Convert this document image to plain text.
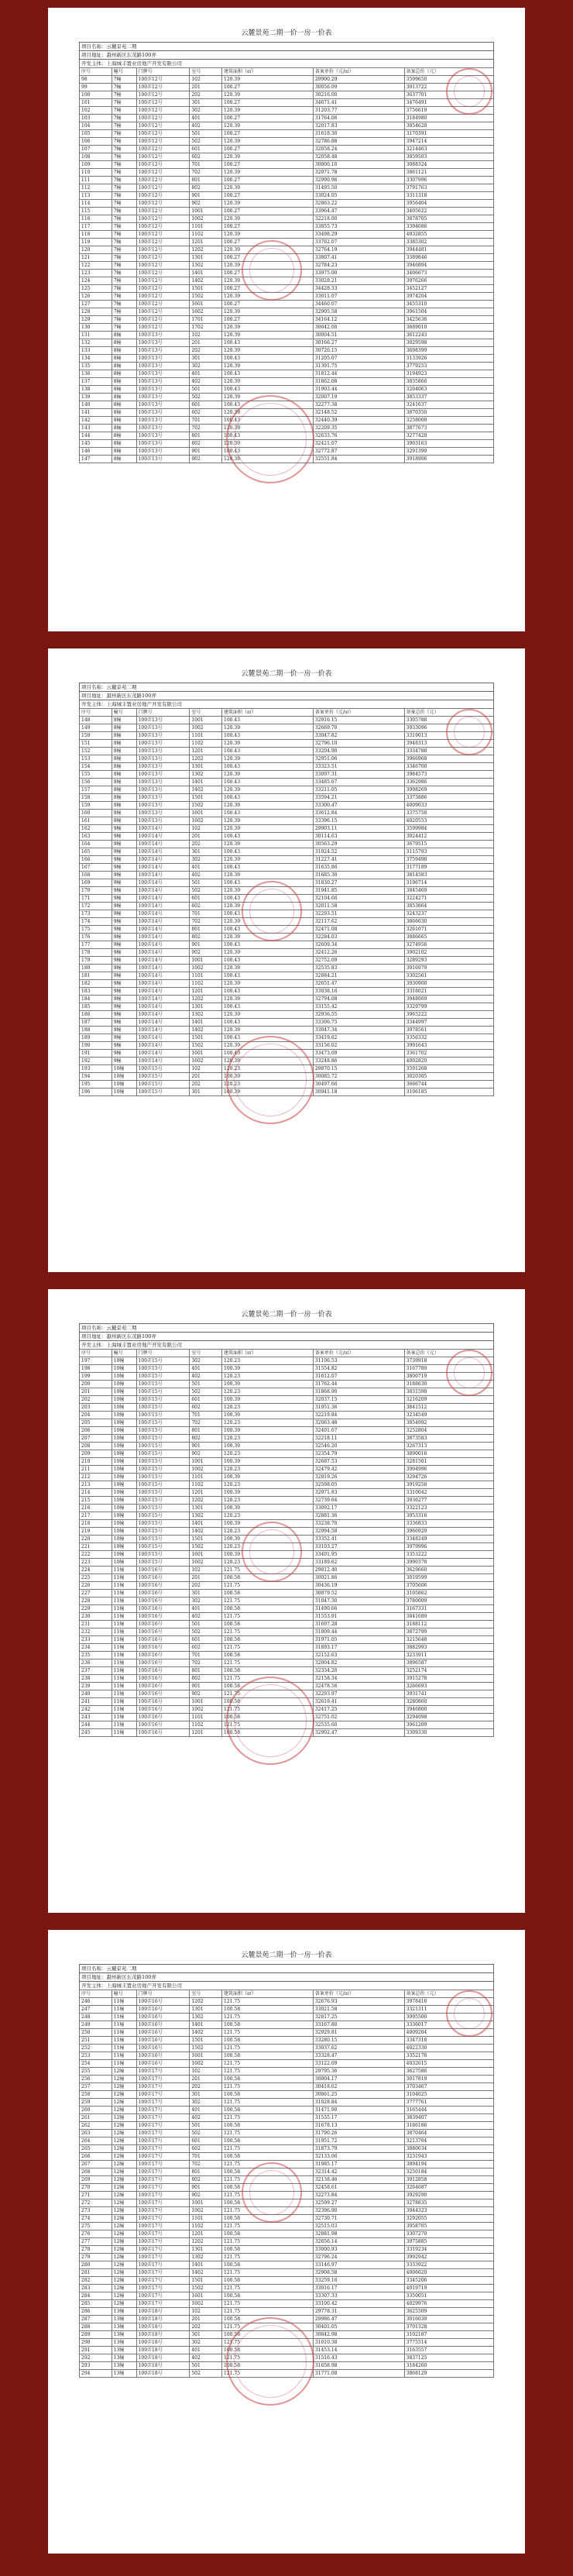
云麓景苑二期一价一房一价表
项目名称：云麓景苑二期
项目地址：越州新区东茂路100弄
开发主体：上海城丰置业房地产开发有限公司
序号	幢号	门牌号	室号	建筑面积（㎡）	备案单价（元/㎡）	备案总价（元）
98	7幢	100弄12号	102	120.39	29900.29	3599650
99	7幢	100弄12号	201	100.27	30056.09	3013722
100	7幢	100弄12号	202	120.39	30216.00	3637701
101	7幢	100弄12号	301	100.27	34671.41	3476491
102	7幢	100弄12号	302	120.39	31203.77	3756619
103	7幢	100弄12号	401	100.27	31764.06	3184980
104	7幢	100弄12号	402	120.39	32017.83	3854628
105	7幢	100弄12号	501	100.27	31618.30	3170391
106	7幢	100弄12号	502	120.39	32786.88	3947214
107	7幢	100弄12号	601	100.27	32058.24	3214463
108	7幢	100弄12号	602	120.39	32058.48	3859503
109	7幢	100弄12号	701	100.27	30800.10	3088324
110	7幢	100弄12号	702	120.39	32071.78	3861121
111	7幢	100弄12号	801	100.27	32990.96	3307996
112	7幢	100弄12号	802	120.39	31495.50	3791763
113	7幢	100弄12号	901	100.27	33024.05	3311318
114	7幢	100弄12号	902	120.39	32863.22	3956404
115	7幢	100弄12号	1001	100.27	33964.47	3405622
116	7幢	100弄12号	1002	120.39	32218.00	3878705
117	7幢	100弄12号	1101	100.27	33855.73	3394686
118	7幢	100弄12号	1102	120.39	33498.29	4032855
119	7幢	100弄12号	1201	100.27	33762.07	3385302
120	7幢	100弄12号	1202	120.39	32764.19	3944481
121	7幢	100弄12号	1301	100.27	33807.41	3389846
122	7幢	100弄12号	1302	120.39	32784.23	3946894
123	7幢	100弄12号	1401	100.27	33975.00	3406673
124	7幢	100弄12号	1402	120.39	33028.21	3976266
125	7幢	100弄12号	1501	100.27	34428.33	3452127
126	7幢	100弄12号	1502	120.39	33011.07	3974204
127	7幢	100弄12号	1601	100.27	34460.07	3455310
128	7幢	100弄12号	1602	120.39	32905.58	3961504
129	7幢	100弄12号	1701	100.27	34164.12	3425636
130	7幢	100弄12号	1702	120.39	30642.00	3689010
131	8幢	100弄13号	102	120.39	30004.51	3612243
132	8幢	100弄13号	201	100.43	30166.27	3029598
133	8幢	100弄13号	202	120.39	30720.15	3698399
134	8幢	100弄13号	301	100.43	31205.07	3133926
135	8幢	100弄13号	302	120.39	31391.75	3779253
136	8幢	100弄13号	401	100.43	31812.44	3194923
137	8幢	100弄13号	402	120.39	31862.08	3835866
138	8幢	100弄13号	501	100.43	31903.44	3204063
139	8幢	100弄13号	502	120.39	32007.19	3853337
140	8幢	100弄13号	601	100.43	32277.38	3241637
141	8幢	100弄13号	602	120.39	32148.52	3870350
142	8幢	100弄13号	701	100.43	32440.39	3258008
143	8幢	100弄13号	702	120.39	32209.35	3877673
144	8幢	100弄13号	801	100.43	32633.76	3277428
145	8幢	100弄13号	802	120.39	32421.07	3903163
146	8幢	100弄13号	901	100.43	32772.87	3291399
147	8幢	100弄13号	902	120.39	32551.84	3918906
云麓景苑二期一价一房一价表
项目名称：云麓景苑二期
项目地址：越州新区东茂路100弄
开发主体：上海城丰置业房地产开发有限公司
序号	幢号	门牌号	室号	建筑面积（㎡）	备案单价（元/㎡）	备案总价（元）
148	8幢	100弄13号	1001	100.43	32916.15	3305788
149	8幢	100弄13号	1002	120.39	32669.70	3933096
150	8幢	100弄13号	1101	100.43	33047.82	3319013
151	8幢	100弄13号	1102	120.39	32796.10	3948313
152	8幢	100弄13号	1201	100.43	33204.90	3334788
153	8幢	100弄13号	1202	120.39	32951.06	3966968
154	8幢	100弄13号	1301	100.43	33323.51	3346700
155	8幢	100弄13号	1302	120.39	33097.31	3984573
156	8幢	100弄13号	1401	100.43	33485.67	3362986
157	8幢	100弄13号	1402	120.39	33211.05	3998269
158	8幢	100弄13号	1501	100.43	33594.21	3373886
159	8幢	100弄13号	1502	120.39	33300.47	4009033
160	8幢	100弄13号	1601	100.43	33612.84	3375758
161	8幢	100弄13号	1602	120.39	33396.15	4020553
162	9幢	100弄14号	102	120.39	29903.11	3599984
163	9幢	100弄14号	201	100.43	30114.63	3024412
164	9幢	100弄14号	202	120.39	30563.29	3679515
165	9幢	100弄14号	301	100.43	31024.52	3115793
166	9幢	100弄14号	302	120.39	31227.41	3759498
167	9幢	100弄14号	401	100.43	31635.86	3177189
168	9幢	100弄14号	402	120.39	31685.30	3814583
169	9幢	100弄14号	501	100.43	31830.27	3196714
170	9幢	100弄14号	502	120.39	31941.85	3845469
171	9幢	100弄14号	601	100.43	32104.66	3224271
172	9幢	100弄14号	602	120.39	32011.58	3853864
173	9幢	100弄14号	701	100.43	32293.51	3243237
174	9幢	100弄14号	702	120.39	32117.62	3866630
175	9幢	100弄14号	801	100.43	32471.08	3261071
176	9幢	100弄14号	802	120.39	32284.03	3886665
177	9幢	100弄14号	901	100.43	32609.34	3274956
178	9幢	100弄14号	902	120.39	32412.26	3902102
179	9幢	100弄14号	1001	100.43	32752.09	3289293
180	9幢	100弄14号	1002	120.39	32535.83	3916979
181	9幢	100弄14号	1101	100.43	32884.21	3302561
182	9幢	100弄14号	1102	120.39	32651.47	3930900
183	9幢	100弄14号	1201	100.43	33038.16	3318021
184	9幢	100弄14号	1202	120.39	32794.08	3948069
185	9幢	100弄14号	1301	100.43	33155.42	3329799
186	9幢	100弄14号	1302	120.39	32936.55	3965222
187	9幢	100弄14号	1401	100.43	33306.75	3344997
188	9幢	100弄14号	1402	120.39	33047.34	3978561
189	9幢	100弄14号	1501	100.43	33419.62	3356332
190	9幢	100弄14号	1502	120.39	33156.02	3991643
191	9幢	100弄14号	1601	100.43	33473.09	3361702
192	9幢	100弄14号	1602	120.39	33248.86	4002820
193	10幢	100弄15号	102	120.23	29870.15	3591268
194	10幢	100弄15号	201	100.39	30085.72	3020305
195	10幢	100弄15号	202	120.23	30497.66	3666744
196	10幢	100弄15号	301	100.39	30941.18	3106185
云麓景苑二期一价一房一价表
项目名称：云麓景苑二期
项目地址：越州新区东茂路100弄
开发主体：上海城丰置业房地产开发有限公司
序号	幢号	门牌号	室号	建筑面积（㎡）	备案单价（元/㎡）	备案总价（元）
197	10幢	100弄15号	302	120.23	31106.53	3739918
198	10幢	100弄15号	401	100.39	31554.82	3167789
199	10幢	100弄15号	402	120.23	31612.07	3800719
200	10幢	100弄15号	501	100.39	31762.44	3188630
201	10幢	100弄15号	502	120.23	31868.90	3831598
202	10幢	100弄15号	601	100.39	32037.15	3216209
203	10幢	100弄15号	602	120.23	31951.36	3841512
204	10幢	100弄15号	701	100.39	32219.84	3234549
205	10幢	100弄15号	702	120.23	32063.48	3854992
206	10幢	100弄15号	801	100.39	32401.67	3252804
207	10幢	100弄15号	802	120.23	32218.11	3873583
208	10幢	100弄15号	901	100.39	32546.20	3267313
209	10幢	100弄15号	902	120.23	32354.79	3890016
210	10幢	100弄15号	1001	100.39	32687.53	3281501
211	10幢	100弄15号	1002	120.23	32479.42	3904996
212	10幢	100弄15号	1101	100.39	32819.26	3294726
213	10幢	100弄15号	1102	120.23	32598.05	3919258
214	10幢	100弄15号	1201	100.39	32971.83	3310042
215	10幢	100弄15号	1202	120.23	32739.64	3936277
216	10幢	100弄15号	1301	100.39	33092.17	3322123
217	10幢	100弄15号	1302	120.23	32881.36	3953316
218	10幢	100弄15号	1401	100.39	33238.70	3336833
219	10幢	100弄15号	1402	120.23	32994.58	3966929
220	10幢	100弄15号	1501	100.39	33352.41	3348249
221	10幢	100弄15号	1502	120.23	33103.27	3979996
222	10幢	100弄15号	1601	100.39	33401.95	3353222
223	10幢	100弄15号	1602	120.23	33189.62	3990378
224	11幢	100弄16号	102	121.75	29812.40	3629660
225	11幢	100弄16号	201	100.58	30021.86	3019599
226	11幢	100弄16号	202	121.75	30436.19	3705606
227	11幢	100弄16号	301	100.58	30879.52	3105862
228	11幢	100弄16号	302	121.75	31047.30	3780009
229	11幢	100弄16号	401	100.58	31490.66	3167331
230	11幢	100弄16号	402	121.75	31553.91	3841689
231	11幢	100弄16号	501	100.58	31697.28	3188112
232	11幢	100弄16号	502	121.75	31809.44	3872799
233	11幢	100弄16号	601	100.58	31971.05	3215648
234	11幢	100弄16号	602	121.75	31893.17	3882993
235	11幢	100弄16号	701	100.58	32152.63	3233911
236	11幢	100弄16号	702	121.75	32004.82	3896587
237	11幢	100弄16号	801	100.58	32334.20	3252174
238	11幢	100弄16号	802	121.75	32158.34	3915278
239	11幢	100弄16号	901	100.58	32478.56	3266693
240	11幢	100弄16号	902	121.75	32293.97	3931741
241	11幢	100弄16号	1001	100.58	32619.41	3280860
242	11幢	100弄16号	1002	121.75	32417.25	3946800
243	11幢	100弄16号	1101	100.58	32751.02	3294098
244	11幢	100弄16号	1102	121.75	32535.60	3961209
245	11幢	100弄16号	1201	100.58	32902.47	3309330
云麓景苑二期一价一房一价表
项目名称：云麓景苑二期
项目地址：越州新区东茂路100弄
开发主体：上海城丰置业房地产开发有限公司
序号	幢号	门牌号	室号	建筑面积（㎡）	备案单价（元/㎡）	备案总价（元）
246	11幢	100弄16号	1202	121.75	32676.93	3978416
247	11幢	100弄16号	1301	100.58	33021.58	3321311
248	11幢	100弄16号	1302	121.75	32817.25	3995500
249	11幢	100弄16号	1401	100.58	33167.80	3336017
250	11幢	100弄16号	1402	121.75	32929.81	4009204
251	11幢	100弄16号	1501	100.58	33280.15	3347318
252	11幢	100弄16号	1502	121.75	33037.62	4022330
253	11幢	100弄16号	1601	100.58	33328.47	3352178
254	11幢	100弄16号	1602	121.75	33122.09	4032615
255	12幢	100弄17号	102	121.75	29795.36	3627586
256	12幢	100弄17号	201	100.58	30004.17	3017819
257	12幢	100弄17号	202	121.75	30418.62	3703467
258	12幢	100弄17号	301	100.58	30861.25	3104025
259	12幢	100弄17号	302	121.75	31028.84	3777761
260	12幢	100弄17号	401	100.58	31471.90	3165444
261	12幢	100弄17号	402	121.75	31535.17	3839407
262	12幢	100弄17号	501	100.58	31678.13	3186186
263	12幢	100弄17号	502	121.75	31790.26	3870464
264	12幢	100弄17号	601	100.58	31951.72	3213704
265	12幢	100弄17号	602	121.75	31873.79	3880634
266	12幢	100弄17号	701	100.58	32133.06	3231943
267	12幢	100弄17号	702	121.75	31985.17	3894194
268	12幢	100弄17号	801	100.58	32314.42	3250184
269	12幢	100弄17号	802	121.75	32138.46	3912858
270	12幢	100弄17号	901	100.58	32458.61	3264687
271	12幢	100弄17号	902	121.75	32273.84	3929290
272	12幢	100弄17号	1001	100.58	32599.27	3278835
273	12幢	100弄17号	1002	121.75	32396.90	3944323
274	12幢	100弄17号	1101	100.58	32730.71	3292055
275	12幢	100弄17号	1102	121.75	32515.03	3958705
276	12幢	100弄17号	1201	100.58	32881.98	3307270
277	12幢	100弄17号	1202	121.75	32656.14	3975885
278	12幢	100弄17号	1301	100.58	33000.93	3319234
279	12幢	100弄17号	1302	121.75	32796.24	3992942
280	12幢	100弄17号	1401	100.58	33146.97	3333922
281	12幢	100弄17号	1402	121.75	32908.58	4006620
282	12幢	100弄17号	1501	100.58	33259.16	3345206
283	12幢	100弄17号	1502	121.75	33016.17	4019719
284	12幢	100弄17号	1601	100.58	33307.33	3350051
285	12幢	100弄17号	1602	121.75	33100.42	4029976
286	13幢	100弄18号	102	121.75	29778.31	3625509
287	13幢	100弄18号	201	100.58	29986.47	3016039
288	13幢	100弄18号	202	121.75	30401.05	3701328
289	13幢	100弄18号	301	100.58	30842.98	3102187
290	13幢	100弄18号	302	121.75	31010.38	3775514
291	13幢	100弄18号	401	100.58	31453.14	3163557
292	13幢	100弄18号	402	121.75	31516.43	3837125
293	13幢	100弄18号	501	100.58	31658.98	3184260
294	13幢	100弄18号	502	121.75	31771.08	3868129
